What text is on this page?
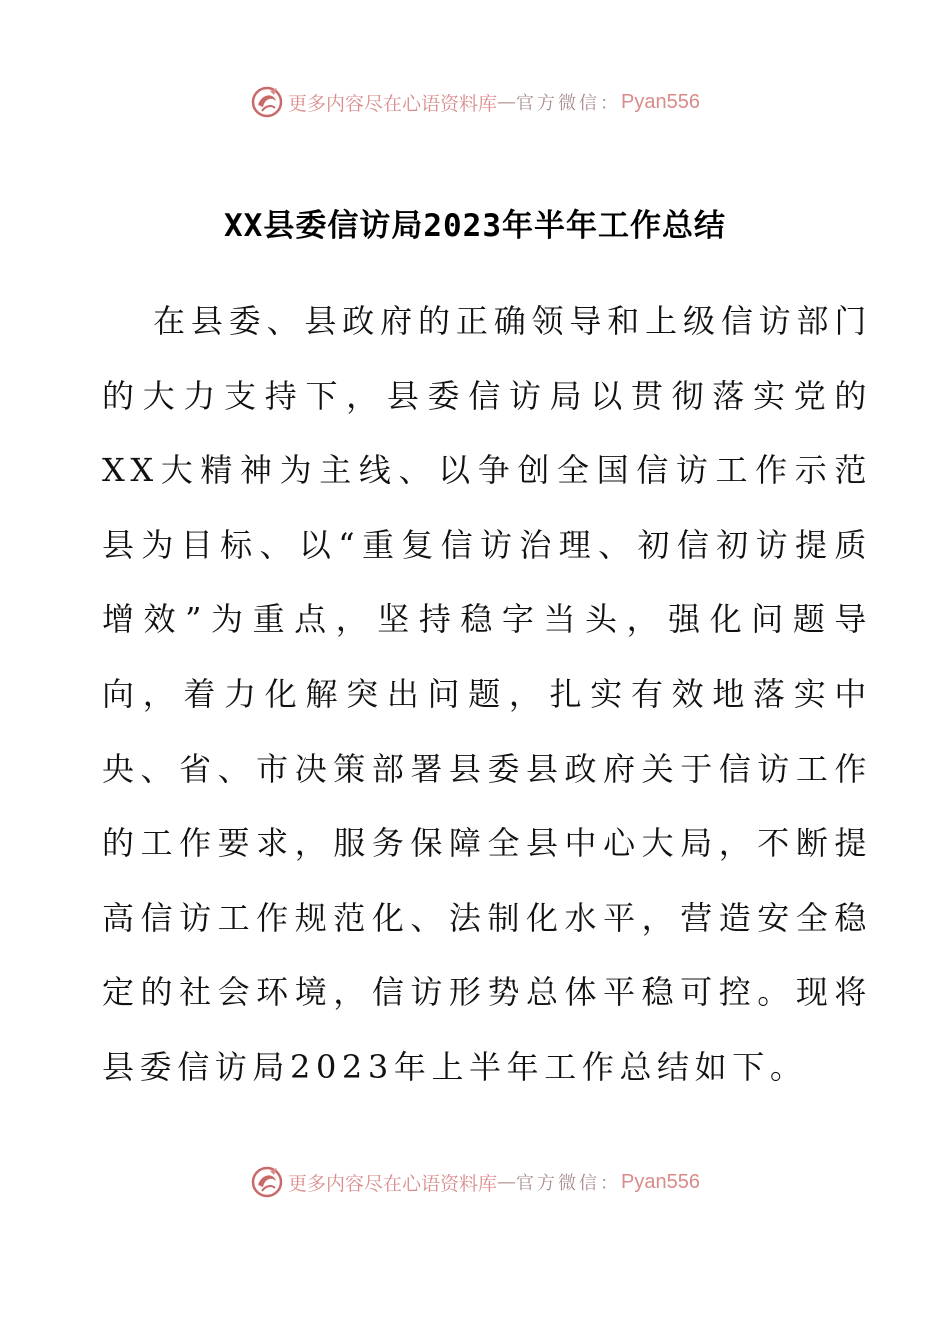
更多内容尽在心语资料库 — 官方微信： Pyan556
XX县委信访局2023年半年工作总结

在县委、县政府的正确领导和上级信访部门的大力支持下，县委信访局以贯彻落实党的XX大精神为主线、以争创全国信访工作示范县为目标、以“重复信访治理、初信初访提质增效”为重点，坚持稳字当头，强化问题导向，着力化解突出问题，扎实有效地落实中央、省、市决策部署县委县政府关于信访工作的工作要求，服务保障全县中心大局，不断提高信访工作规范化、法制化水平，营造安全稳定的社会环境，信访形势总体平稳可控。现将县委信访局2023年上半年工作总结如下。

更多内容尽在心语资料库 — 官方微信： Pyan556
